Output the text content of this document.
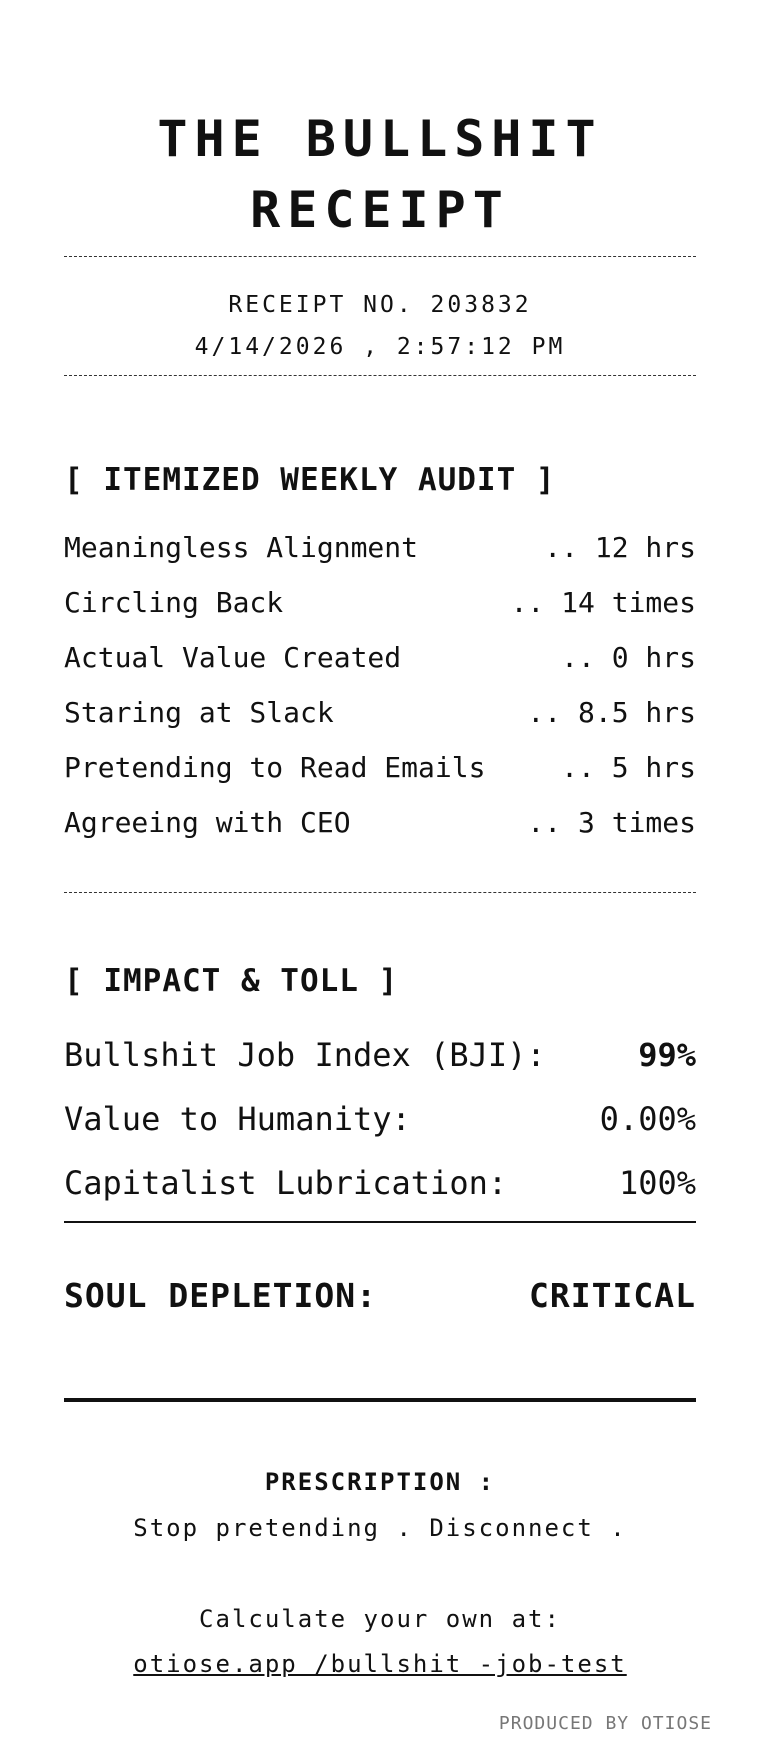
THE BULLSHIT
RECEIPT
RECEIPT NO. 203832
4/14/2026 , 2:57:12 PM
[ ITEMIZED WEEKLY AUDIT ]
Meaningless Alignment	.. 12 hrs
Circling Back	.. 14 times
Actual Value Created	.. 0 hrs
Staring at Slack	.. 8.5 hrs
Pretending to Read Emails	.. 5 hrs
Agreeing with CEO	.. 3 times
[ IMPACT & TOLL ]
Bullshit Job Index (BJI):	99%
Value to Humanity:	0.00%
Capitalist Lubrication:	100%
SOUL DEPLETION:	CRITICAL
PRESCRIPTION :
Stop pretending . Disconnect .
Calculate your own at:
otiose.app /bullshit -job-test
PRODUCED BY OTIOSE
